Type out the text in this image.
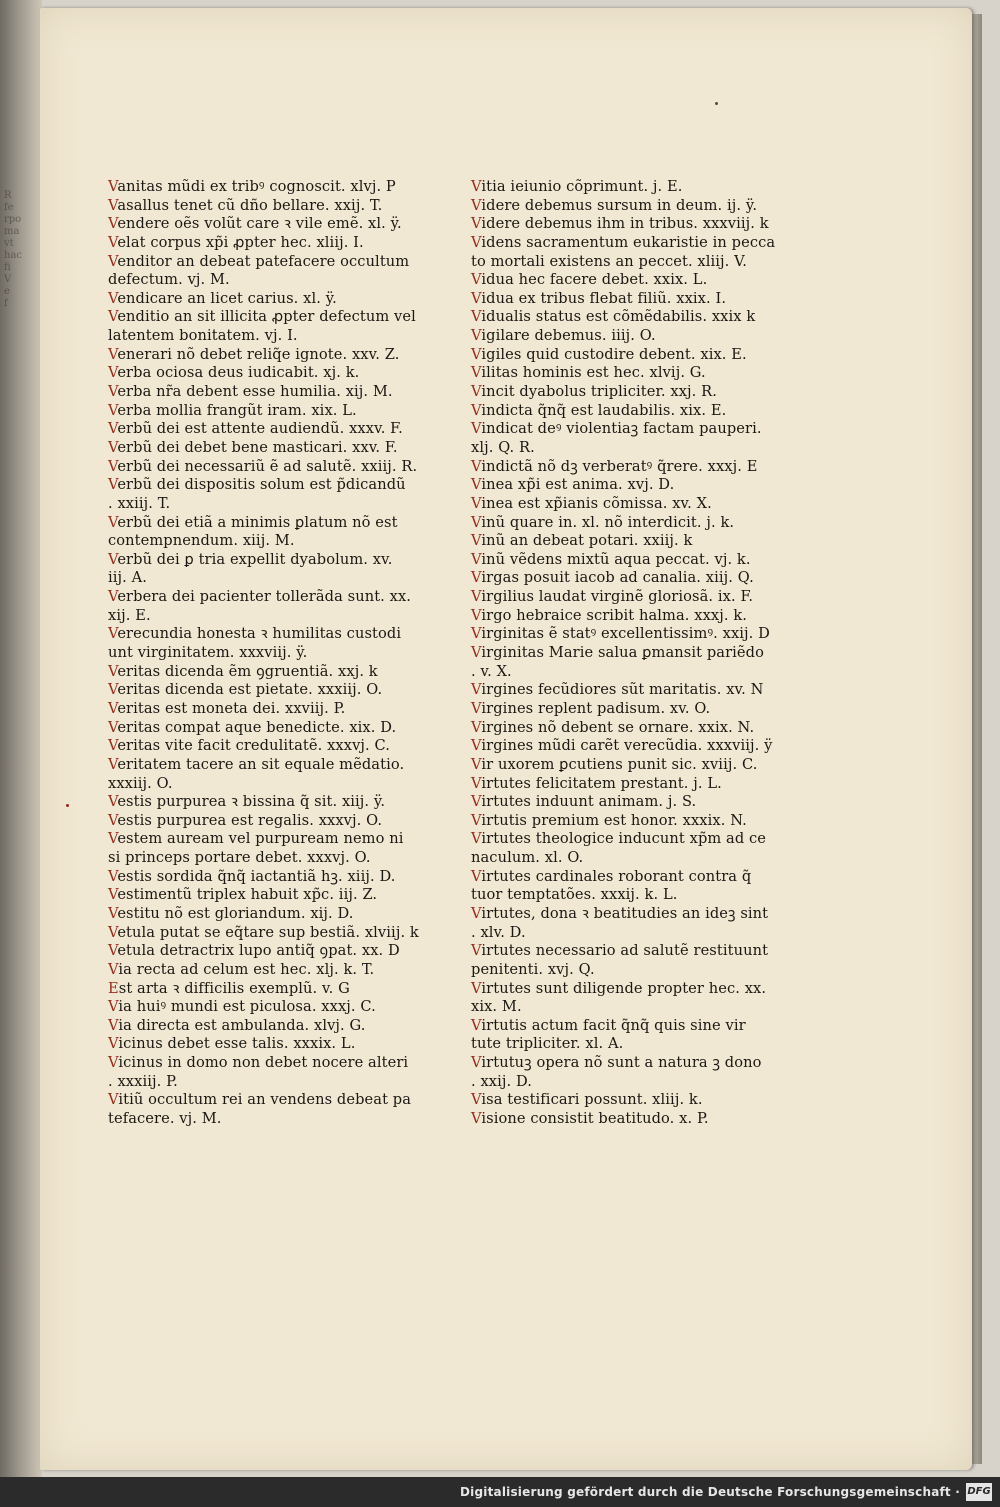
R
fe
rpo
ma
vt
hac
fi
V
e
f
Vanitas mũdi ex tribꝰ cognoscit. xlvj. P
Vasallus tenet cũ dño bellare. xxij. T.
Vendere oẽs volũt care ꝛ vile emẽ. xl. ÿ.
Velat corpus xp̃i ꝓpter hec. xliij. I.
Venditor an debeat patefacere occultum
defectum. vj. M.
Vendicare an licet carius. xl. ÿ.
Venditio an sit illicita ꝓpter defectum vel
latentem bonitatem. vj. I.
Venerari nõ debet reliq̃e ignote. xxv. Z.
Verba ociosa deus iudicabit. xj. k.
Verba nr̃a debent esse humilia. xij. M.
Verba mollia frangũt iram. xix. L.
Verbũ dei est attente audiendũ. xxxv. F.
Verbũ dei debet bene masticari. xxv. F.
Verbũ dei necessariũ ẽ ad salutẽ. xxiij. R.
Verbũ dei dispositis solum est p̃dicandũ
. xxiij. T.
Verbũ dei etiã a minimis ꝑlatum nõ est
contempnendum. xiij. M.
Verbũ dei ꝑ tria expellit dyabolum. xv.
iij. A.
Verbera dei pacienter tollerãda sunt. xx.
xij. E.
Verecundia honesta ꝛ humilitas custodi
unt virginitatem. xxxviij. ÿ.
Veritas dicenda ẽm ꝯgruentiã. xxj. k
Veritas dicenda est pietate. xxxiij. O.
Veritas est moneta dei. xxviij. P.
Veritas compat aque benedicte. xix. D.
Veritas vite facit credulitatẽ. xxxvj. C.
Veritatem tacere an sit equale mẽdatio.
xxxiij. O.
Vestis purpurea ꝛ bissina q̃ sit. xiij. ÿ.
Vestis purpurea est regalis. xxxvj. O.
Vestem auream vel purpuream nemo ni
si princeps portare debet. xxxvj. O.
Vestis sordida q̃nq̃ iactantiã hꝫ. xiij. D.
Vestimentũ triplex habuit xp̃c. iij. Z.
Vestitu nõ est gloriandum. xij. D.
Vetula putat se eq̃tare sup bestiã. xlviij. k
Vetula detractrix lupo antiq̃ ꝯpat. xx. D
Via recta ad celum est hec. xlj. k. T.
Est arta ꝛ difficilis exemplũ. v. G
Via huiꝰ mundi est piculosa. xxxj. C.
Via directa est ambulanda. xlvj. G.
Vicinus debet esse talis. xxxix. L.
Vicinus in domo non debet nocere alteri
. xxxiij. P.
Vitiũ occultum rei an vendens debeat pa
tefacere. vj. M.
Vitia ieiunio cõprimunt. j. E.
Videre debemus sursum in deum. ij. ÿ.
Videre debemus ihm in tribus. xxxviij. k
Videns sacramentum eukaristie in pecca
to mortali existens an peccet. xliij. V.
Vidua hec facere debet. xxix. L.
Vidua ex tribus flebat filiũ. xxix. I.
Vidualis status est cõmẽdabilis. xxix k
Vigilare debemus. iiij. O.
Vigiles quid custodire debent. xix. E.
Vilitas hominis est hec. xlvij. G.
Vincit dyabolus tripliciter. xxj. R.
Vindicta q̃nq̃ est laudabilis. xix. E.
Vindicat deꝰ violentiaꝫ factam pauperi.
xlj. Q. R.
Vindictã nõ dꝫ verberatꝰ q̃rere. xxxj. E
Vinea xp̃i est anima. xvj. D.
Vinea est xp̃ianis cõmissa. xv. X.
Vinũ quare in. xl. nõ interdicit. j. k.
Vinũ an debeat potari. xxiij. k
Vinũ vẽdens mixtũ aqua peccat. vj. k.
Virgas posuit iacob ad canalia. xiij. Q.
Virgilius laudat virginẽ gloriosã. ix. F.
Virgo hebraice scribit halma. xxxj. k.
Virginitas ẽ statꝰ excellentissimꝰ. xxij. D
Virginitas Marie salua ꝑmansit pariẽdo
. v. X.
Virgines fecũdiores sũt maritatis. xv. N
Virgines replent padisum. xv. O.
Virgines nõ debent se ornare. xxix. N.
Virgines mũdi carẽt verecũdia. xxxviij. ÿ
Vir uxorem ꝑcutiens punit sic. xviij. C.
Virtutes felicitatem prestant. j. L.
Virtutes induunt animam. j. S.
Virtutis premium est honor. xxxix. N.
Virtutes theologice inducunt xp̃m ad ce
naculum. xl. O.
Virtutes cardinales roborant contra q̃
tuor temptatões. xxxij. k. L.
Virtutes, dona ꝛ beatitudies an ideꝫ sint
. xlv. D.
Virtutes necessario ad salutẽ restituunt
penitenti. xvj. Q.
Virtutes sunt diligende propter hec. xx.
xix. M.
Virtutis actum facit q̃nq̃ quis sine vir
tute tripliciter. xl. A.
Virtutuꝫ opera nõ sunt a natura ꝫ dono
. xxij. D.
Visa testificari possunt. xliij. k.
Visione consistit beatitudo. x. P.
Digitalisierung gefördert durch die Deutsche Forschungsgemeinschaft · DFG
